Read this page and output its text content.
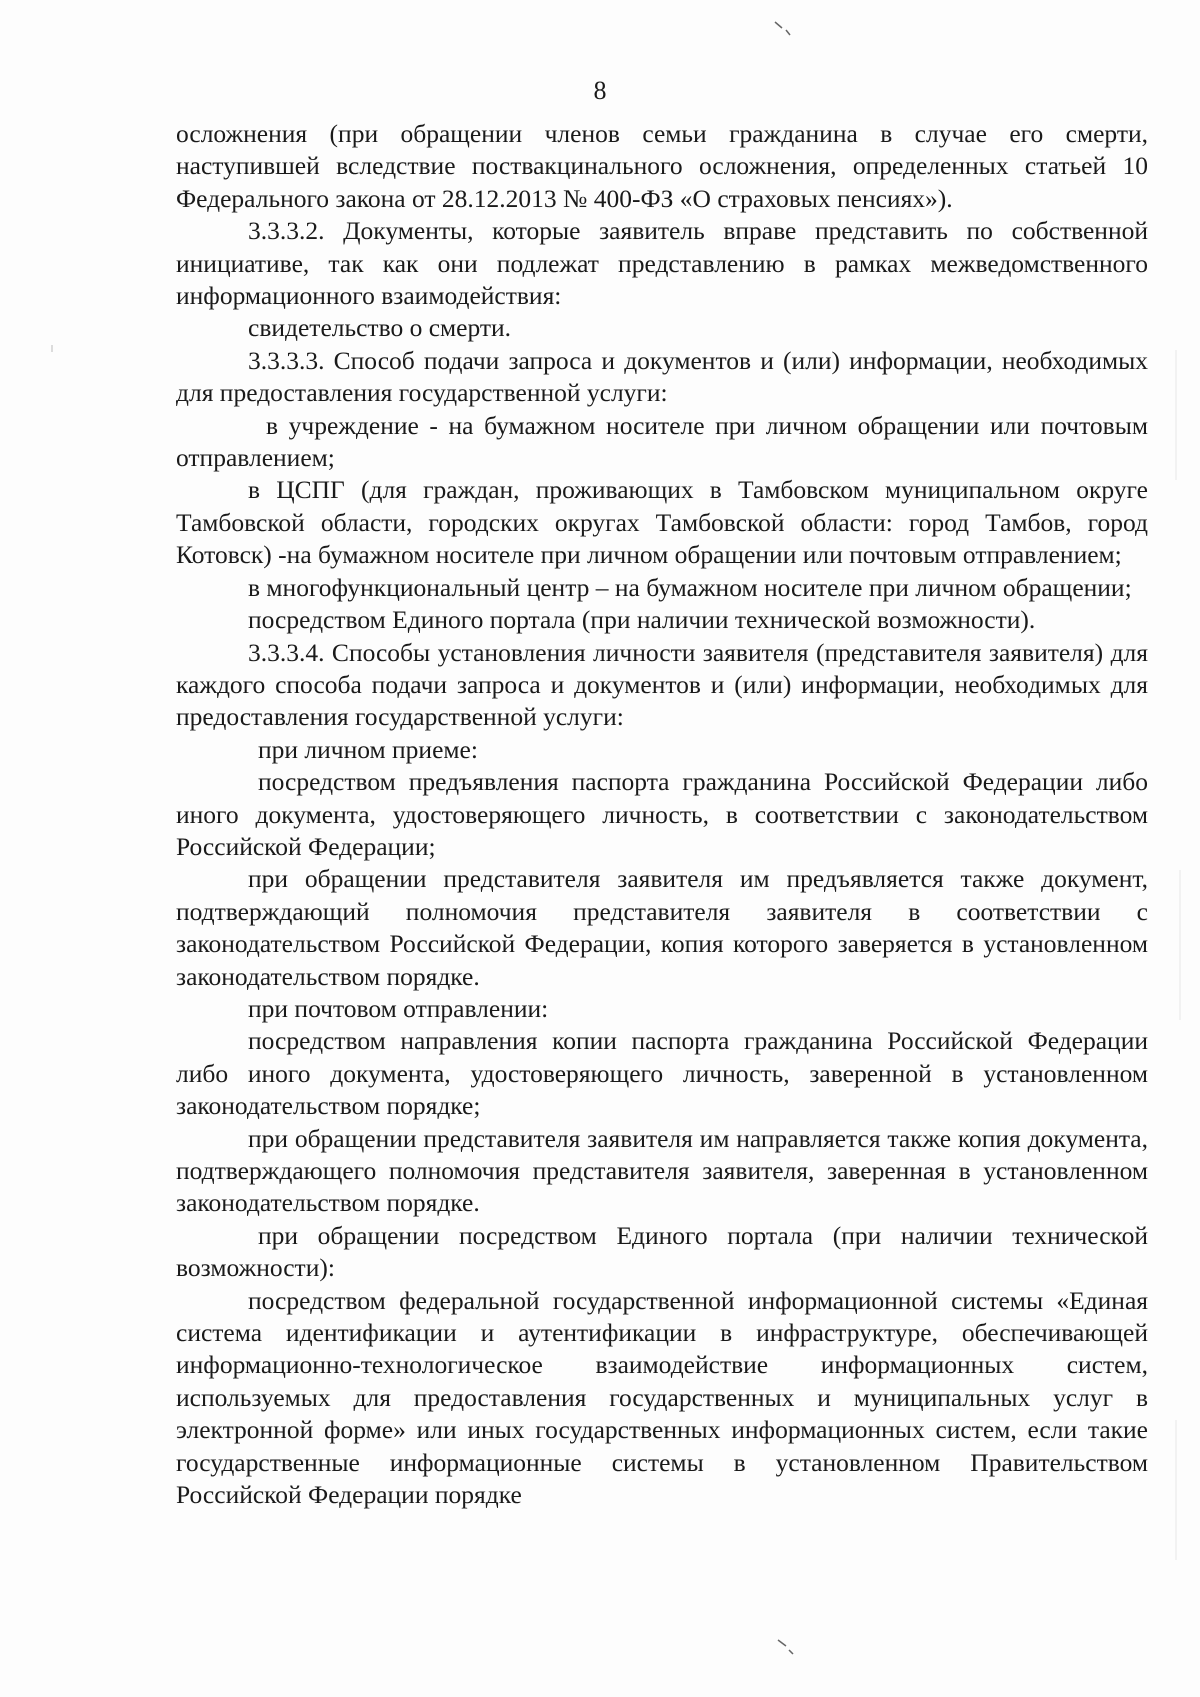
8

осложнения (при обращении членов семьи гражданина в случае его смерти, наступившей вследствие поствакцинального осложнения, определенных статьей 10 Федерального закона от 28.12.2013 № 400-ФЗ «О страховых пенсиях»).

3.3.3.2. Документы, которые заявитель вправе представить по собственной инициативе, так как они подлежат представлению в рамках межведомственного информационного взаимодействия:

свидетельство о смерти.

3.3.3.3. Способ подачи запроса и документов и (или) информации, необходимых для предоставления государственной услуги:

в учреждение - на бумажном носителе при личном обращении или почтовым отправлением;

в ЦСПГ (для граждан, проживающих в Тамбовском муниципальном округе Тамбовской области, городских округах Тамбовской области: город Тамбов, город Котовск) -на бумажном носителе при личном обращении или почтовым отправлением;

в многофункциональный центр – на бумажном носителе при личном обращении;

посредством Единого портала (при наличии технической возможности).

3.3.3.4. Способы установления личности заявителя (представителя заявителя) для каждого способа подачи запроса и документов и (или) информации, необходимых для предоставления государственной услуги:

при личном приеме:

посредством предъявления паспорта гражданина Российской Федерации либо иного документа, удостоверяющего личность, в соответствии с законодательством Российской Федерации;

при обращении представителя заявителя им предъявляется также документ, подтверждающий полномочия представителя заявителя в соответствии с законодательством Российской Федерации, копия которого заверяется в установленном законодательством порядке.

при почтовом отправлении:

посредством направления копии паспорта гражданина Российской Федерации либо иного документа, удостоверяющего личность, заверенной в установленном законодательством порядке;

при обращении представителя заявителя им направляется также копия документа, подтверждающего полномочия представителя заявителя, заверенная в установленном законодательством порядке.

при обращении посредством Единого портала (при наличии технической возможности):

посредством федеральной государственной информационной системы «Единая система идентификации и аутентификации в инфраструктуре, обеспечивающей информационно-технологическое взаимодействие информационных систем, используемых для предоставления государственных и муниципальных услуг в электронной форме» или иных государственных информационных систем, если такие государственные информационные системы в установленном Правительством Российской Федерации порядке
